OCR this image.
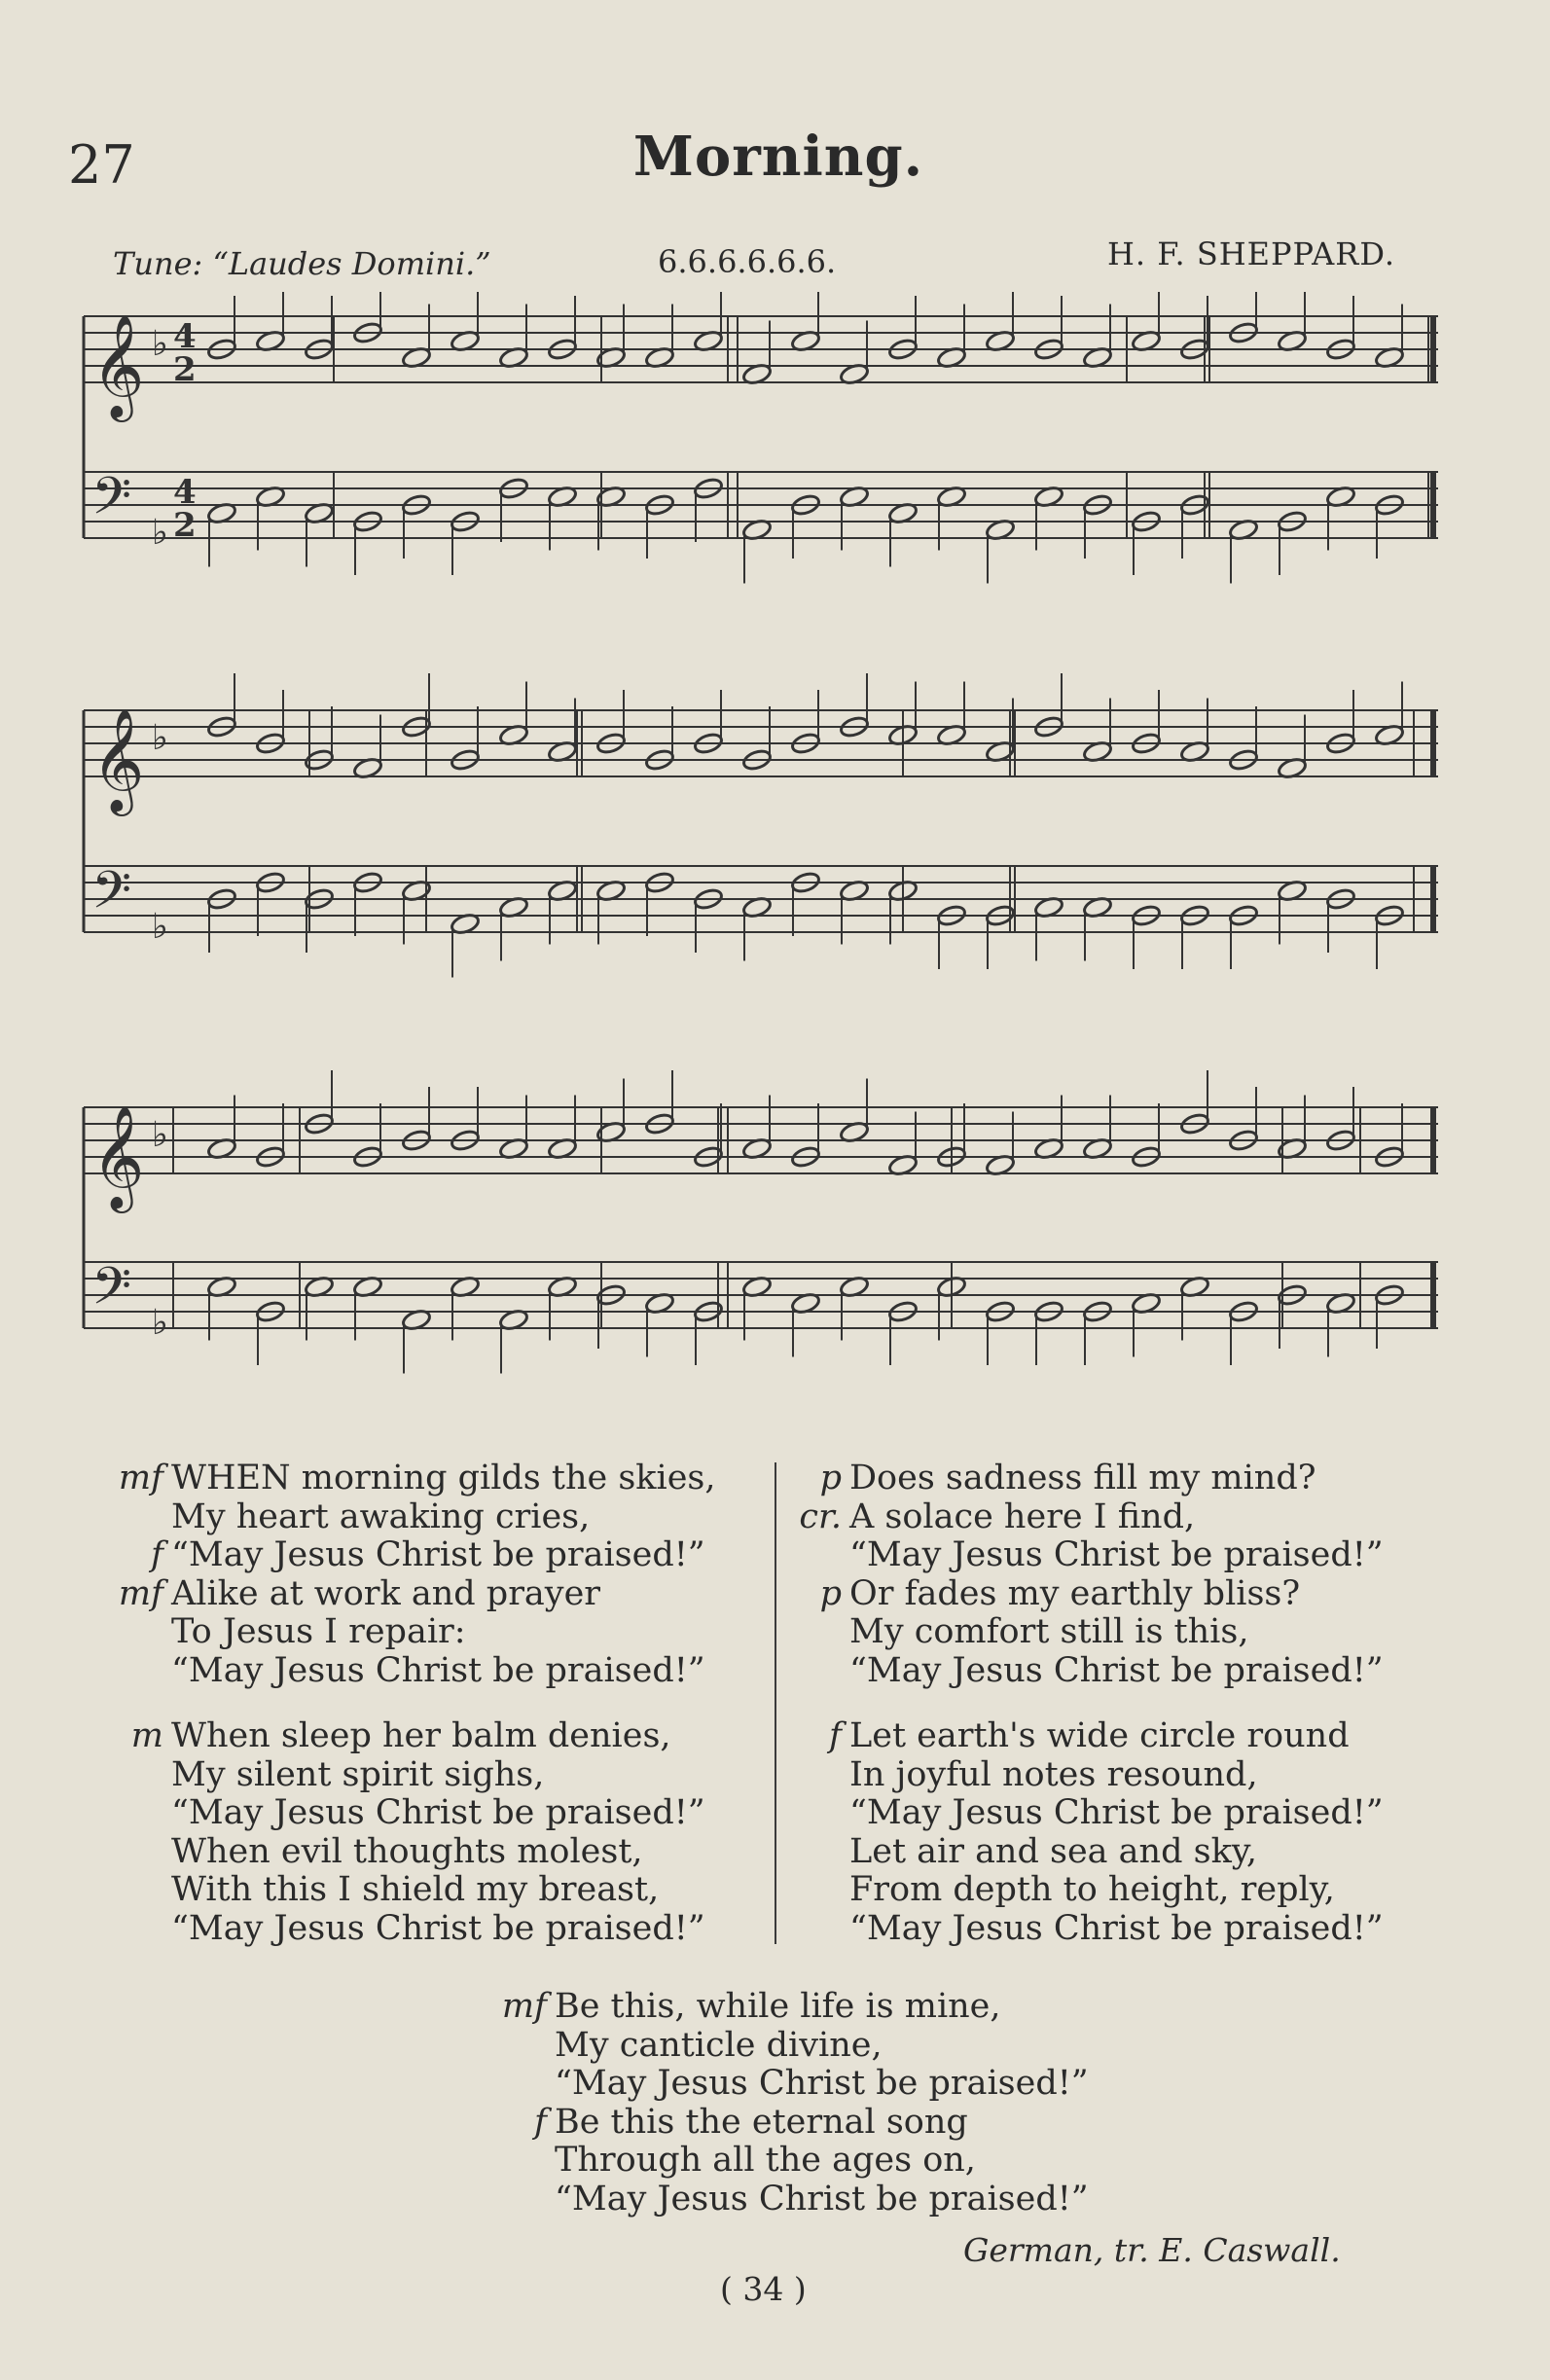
27	Morning.
Tune: “Laudes Domini.”	6.6.6.6.6.6.	H. F. SHEPPARD.
𝄞
𝄢
♭
♭
4
2
4
2
𝄞
𝄢
♭
♭
𝄞
𝄢
♭
♭
mf WHEN morning gilds the skies,
My heart awaking cries,
f “May Jesus Christ be praised!”
mf Alike at work and prayer
To Jesus I repair:
“May Jesus Christ be praised!”
m When sleep her balm denies,
My silent spirit sighs,
“May Jesus Christ be praised!”
When evil thoughts molest,
With this I shield my breast,
“May Jesus Christ be praised!”
p Does sadness fill my mind?
cr. A solace here I find,
“May Jesus Christ be praised!”
p Or fades my earthly bliss?
My comfort still is this,
“May Jesus Christ be praised!”
f Let earth's wide circle round
In joyful notes resound,
“May Jesus Christ be praised!”
Let air and sea and sky,
From depth to height, reply,
“May Jesus Christ be praised!”
mf Be this, while life is mine,
My canticle divine,
“May Jesus Christ be praised!”
f Be this the eternal song
Through all the ages on,
“May Jesus Christ be praised!”
German, tr. E. Caswall.
( 34 )
